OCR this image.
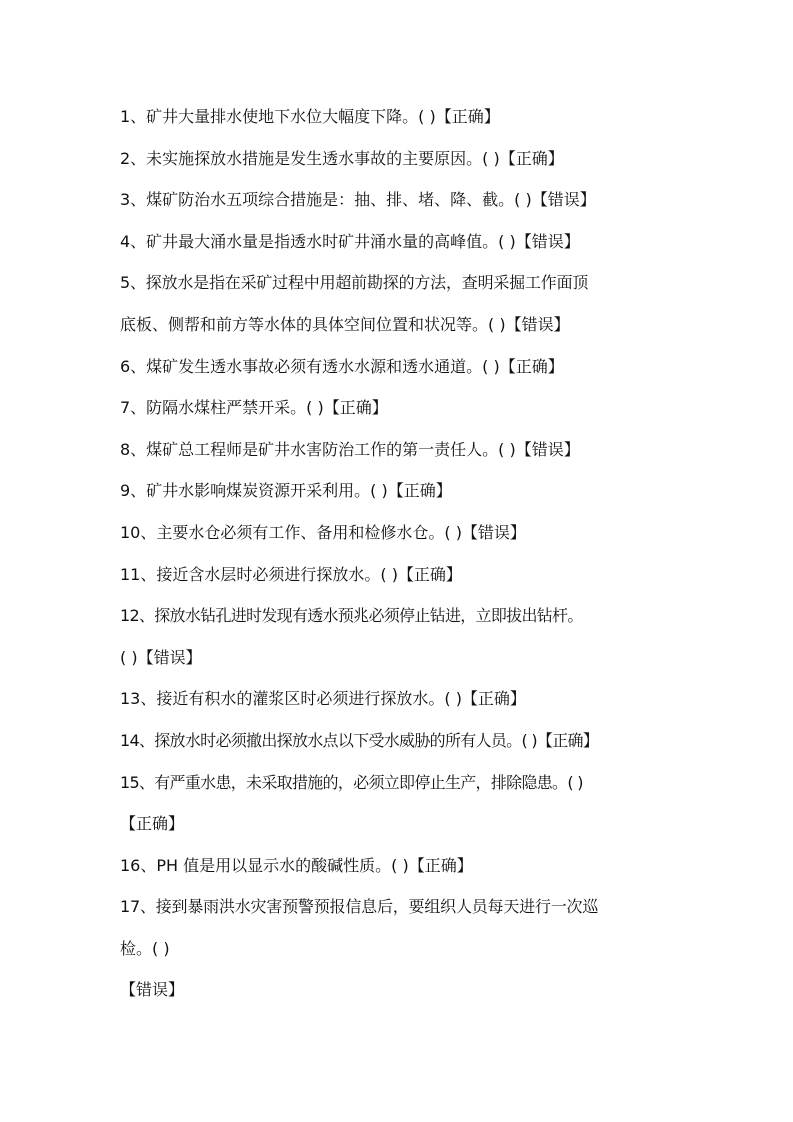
1、矿井大量排水使地下水位大幅度下降。( )【正确】
2、未实施探放水措施是发生透水事故的主要原因。( )【正确】
3、煤矿防治水五项综合措施是：抽、排、堵、降、截。( )【错误】
4、矿井最大涌水量是指透水时矿井涌水量的高峰值。( )【错误】
5、探放水是指在采矿过程中用超前勘探的方法，查明采掘工作面顶
底板、侧帮和前方等水体的具体空间位置和状况等。( )【错误】
6、煤矿发生透水事故必须有透水水源和透水通道。( )【正确】
7、防隔水煤柱严禁开采。( )【正确】
8、煤矿总工程师是矿井水害防治工作的第一责任人。( )【错误】
9、矿井水影响煤炭资源开采利用。( )【正确】
10、主要水仓必须有工作、备用和检修水仓。( )【错误】
11、接近含水层时必须进行探放水。( )【正确】
12、探放水钻孔进时发现有透水预兆必须停止钻进，立即拔出钻杆。
( )【错误】
13、接近有积水的灌浆区时必须进行探放水。( )【正确】
14、探放水时必须撤出探放水点以下受水威胁的所有人员。( )【正确】
15、有严重水患，未采取措施的，必须立即停止生产，排除隐患。( )
【正确】
16、PH 值是用以显示水的酸碱性质。( )【正确】
17、接到暴雨洪水灾害预警预报信息后，要组织人员每天进行一次巡
检。( )
【错误】
